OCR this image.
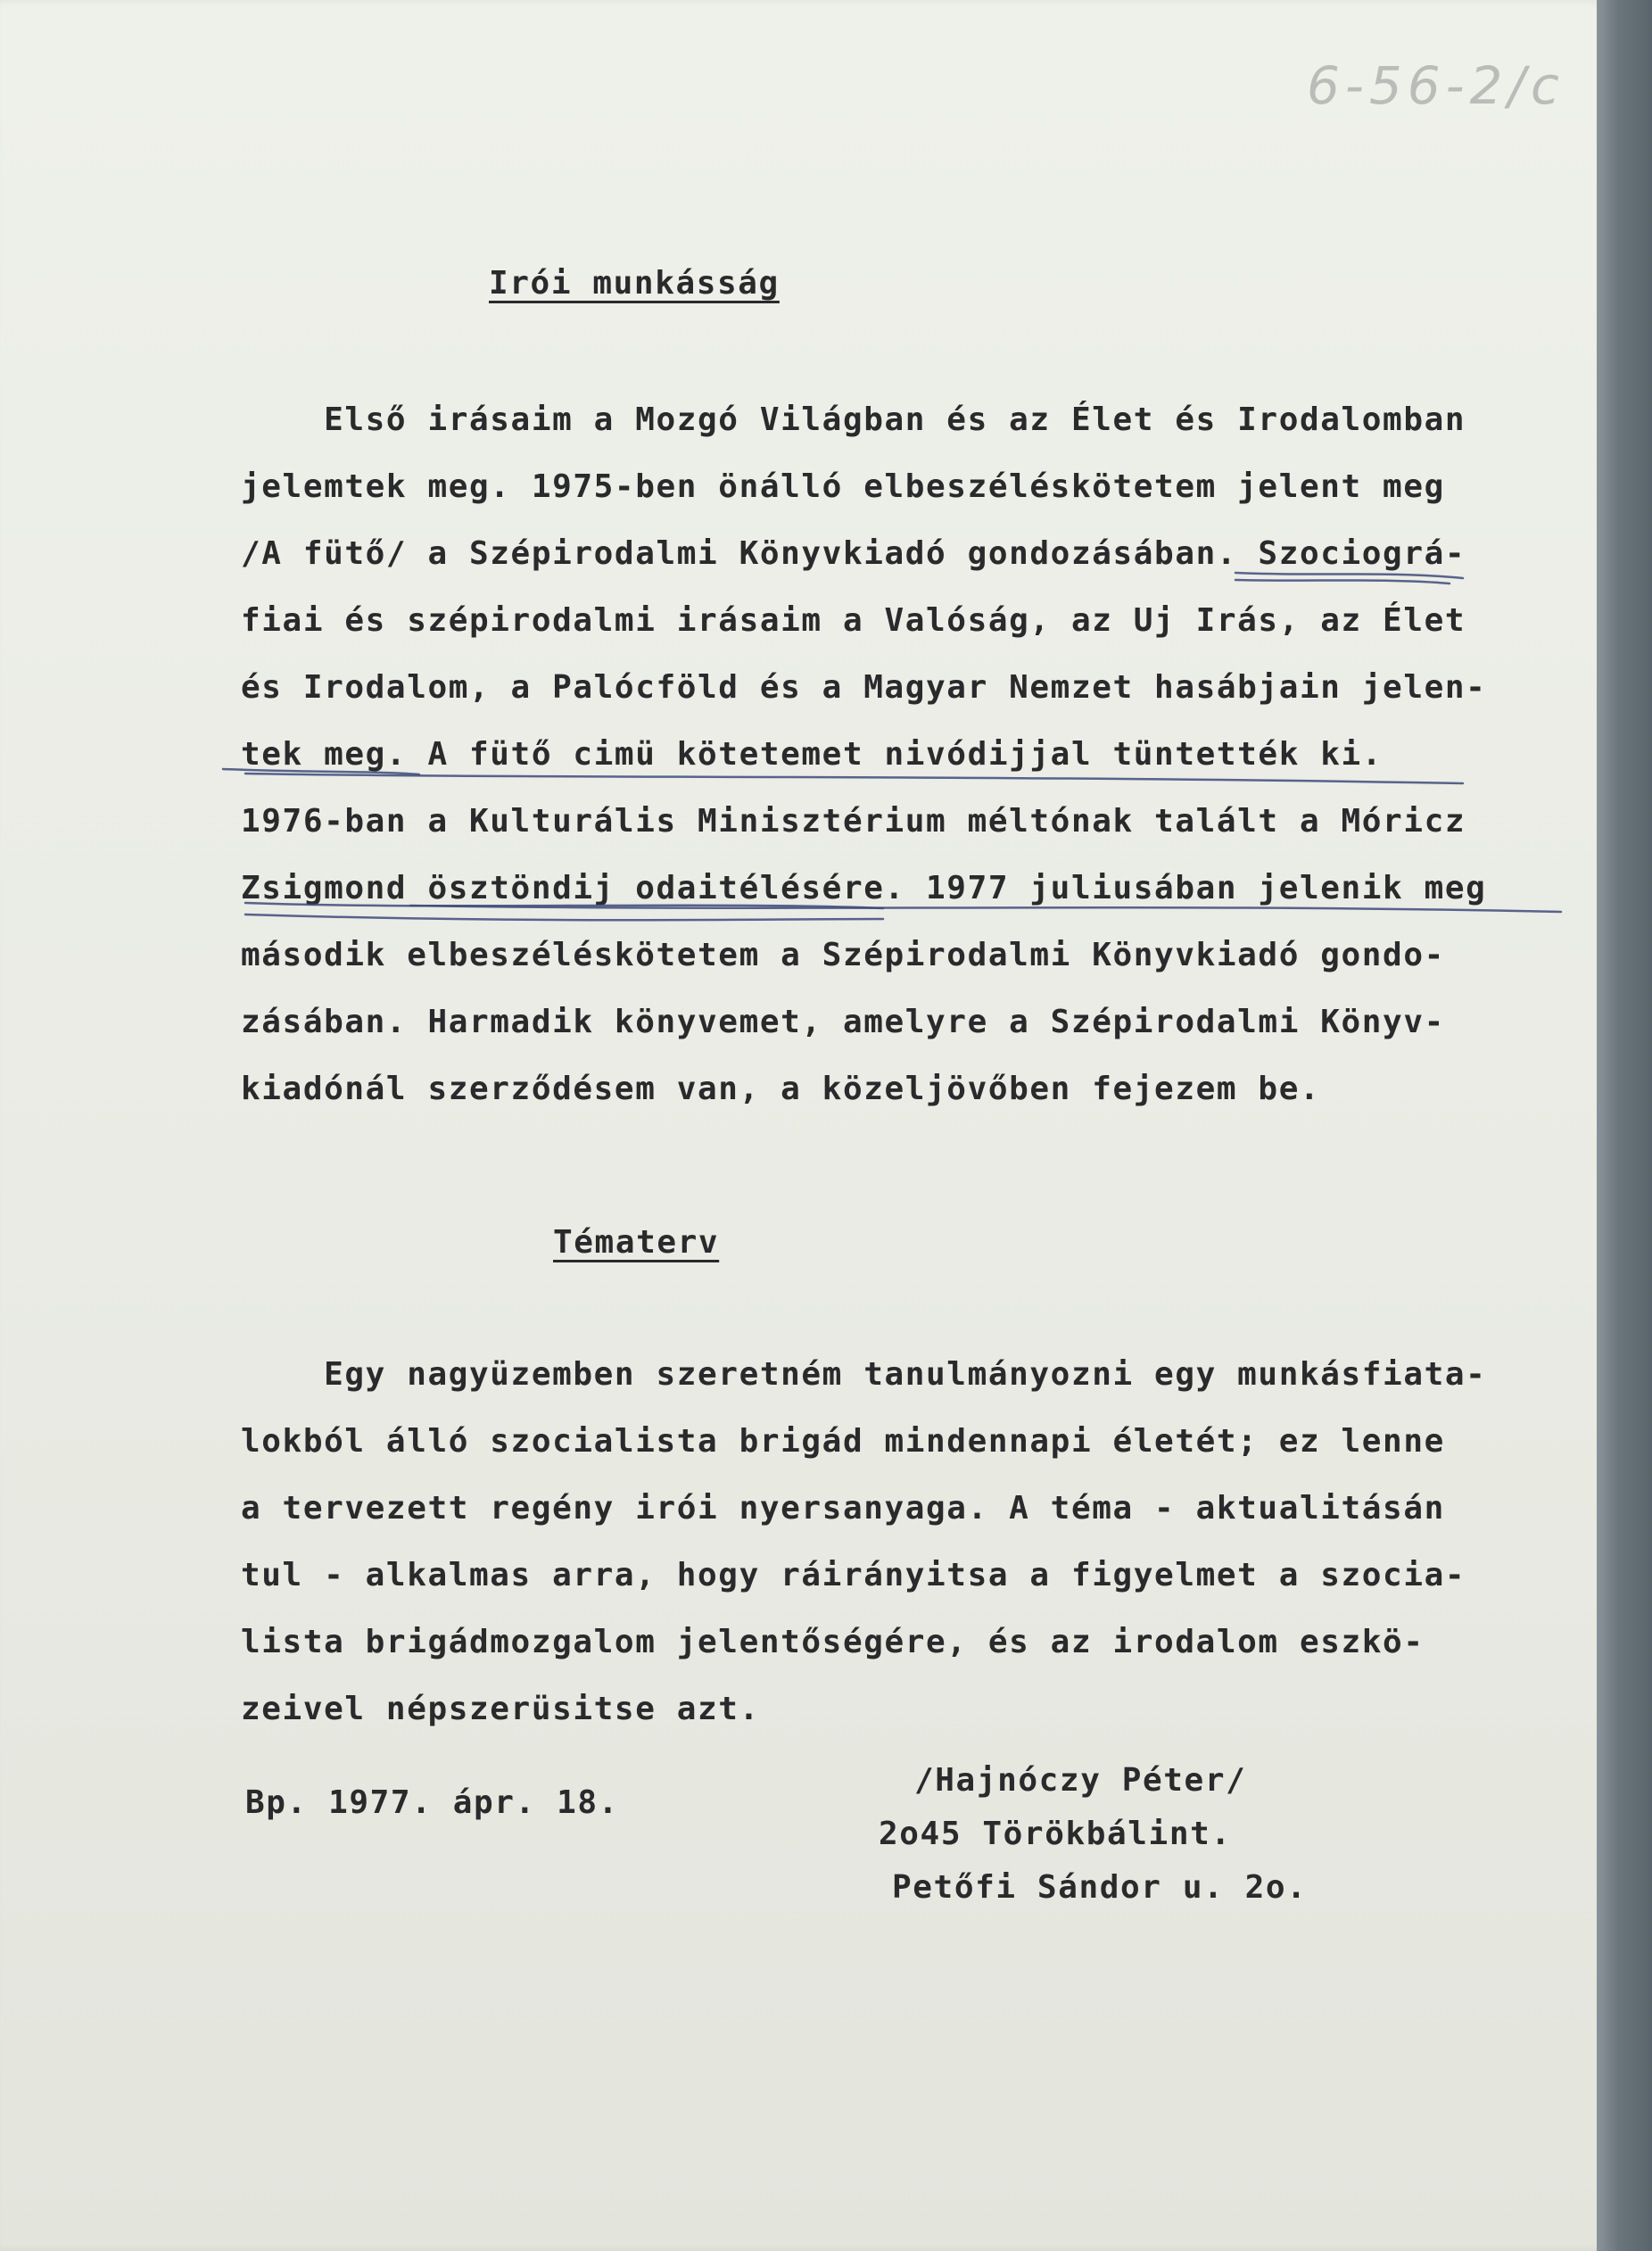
6-56-2/c
Irói munkásság
Első irásaim a Mozgó Világban és az Élet és Irodalomban
jelemtek meg. 1975-ben önálló elbeszéléskötetem jelent meg
/A fütő/ a Szépirodalmi Könyvkiadó gondozásában. Szociográ-
fiai és szépirodalmi irásaim a Valóság, az Uj Irás, az Élet
és Irodalom, a Palócföld és a Magyar Nemzet hasábjain jelen-
tek meg. A fütő cimü kötetemet nivódijjal tüntették ki.
1976-ban a Kulturális Minisztérium méltónak talált a Móricz
Zsigmond ösztöndij odaitélésére. 1977 juliusában jelenik meg
második elbeszéléskötetem a Szépirodalmi Könyvkiadó gondo-
zásában. Harmadik könyvemet, amelyre a Szépirodalmi Könyv-
kiadónál szerződésem van, a közeljövőben fejezem be.
Tématerv
Egy nagyüzemben szeretném tanulmányozni egy munkásfiata-
lokból álló szocialista brigád mindennapi életét; ez lenne
a tervezett regény irói nyersanyaga. A téma - aktualitásán
tul - alkalmas arra, hogy ráirányitsa a figyelmet a szocia-
lista brigádmozgalom jelentőségére, és az irodalom eszkö-
zeivel népszerüsitse azt.
Bp. 1977. ápr. 18.
/Hajnóczy Péter/
2o45 Törökbálint.
Petőfi Sándor u. 2o.
